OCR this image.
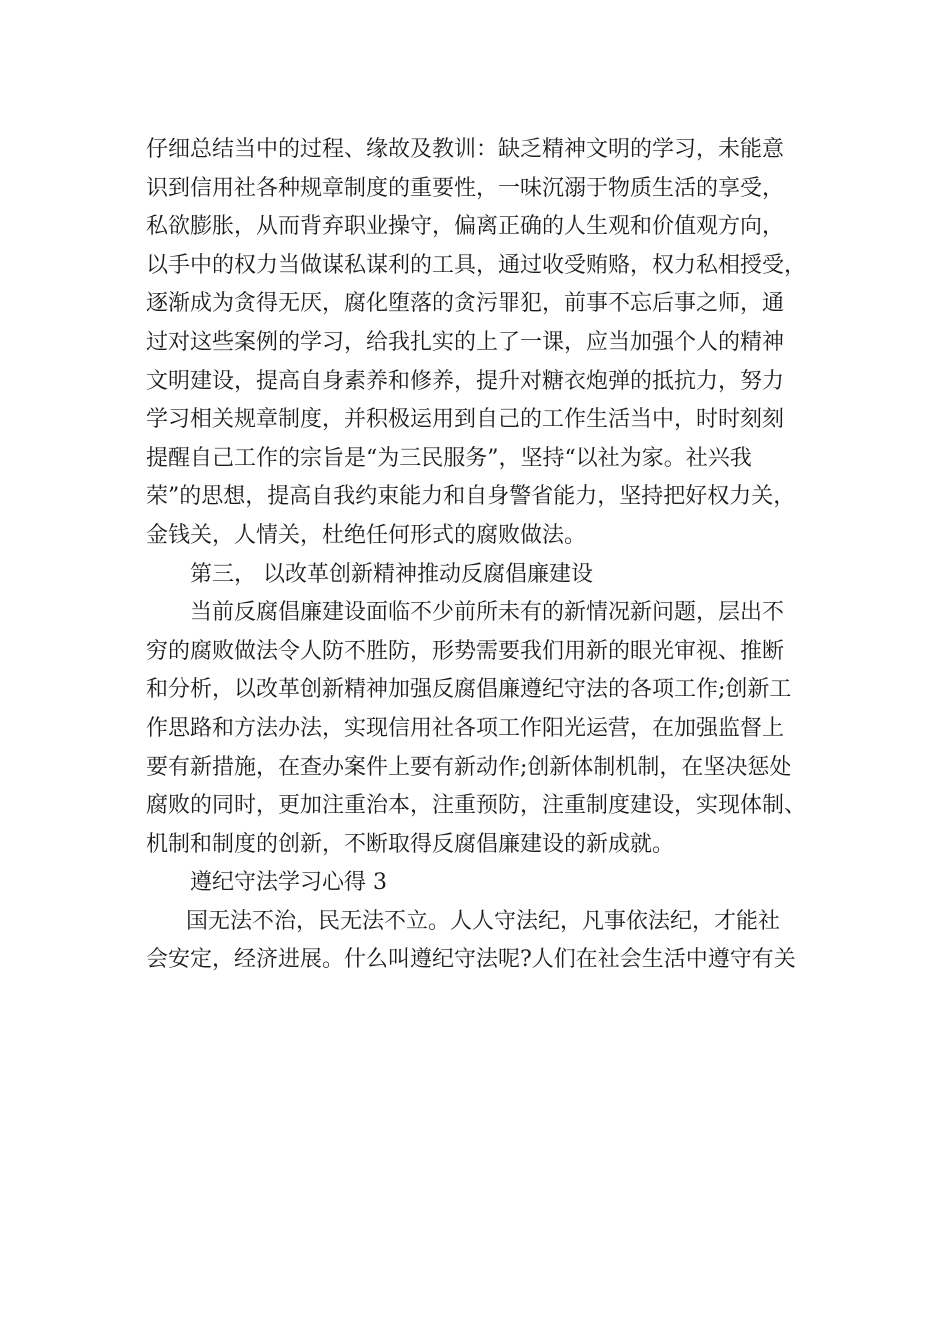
仔细总结当中的过程、缘故及教训：缺乏精神文明的学习，未能意
识到信用社各种规章制度的重要性，一味沉溺于物质生活的享受，
私欲膨胀，从而背弃职业操守，偏离正确的人生观和价值观方向，
以手中的权力当做谋私谋利的工具，通过收受贿赂，权力私相授受，
逐渐成为贪得无厌，腐化堕落的贪污罪犯，前事不忘后事之师，通
过对这些案例的学习，给我扎实的上了一课，应当加强个人的精神
文明建设，提高自身素养和修养，提升对糖衣炮弹的抵抗力，努力
学习相关规章制度，并积极运用到自己的工作生活当中，时时刻刻
提醒自己工作的宗旨是“为三民服务”，坚持“以社为家。社兴我
荣”的思想，提高自我约束能力和自身警省能力，坚持把好权力关，
金钱关，人情关，杜绝任何形式的腐败做法。
第三， 以改革创新精神推动反腐倡廉建设
当前反腐倡廉建设面临不少前所未有的新情况新问题，层出不
穷的腐败做法令人防不胜防，形势需要我们用新的眼光审视、推断
和分析，以改革创新精神加强反腐倡廉遵纪守法的各项工作;创新工
作思路和方法办法，实现信用社各项工作阳光运营，在加强监督上
要有新措施，在查办案件上要有新动作;创新体制机制，在坚决惩处
腐败的同时，更加注重治本，注重预防，注重制度建设，实现体制、
机制和制度的创新，不断取得反腐倡廉建设的新成就。
遵纪守法学习心得 3
国无法不治，民无法不立。人人守法纪，凡事依法纪，才能社
会安定，经济进展。什么叫遵纪守法呢?人们在社会生活中遵守有关
